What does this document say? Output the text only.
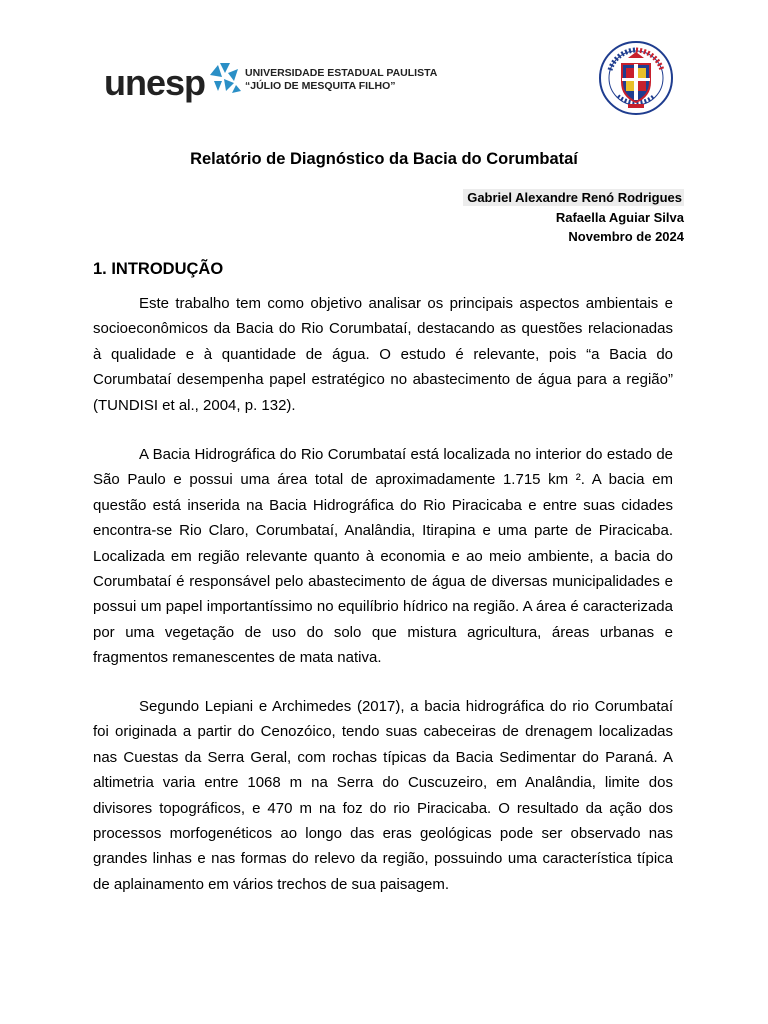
unesp	UNIVERSIDADE ESTADUAL PAULISTA
“JÚLIO DE MESQUITA FILHO”
Relatório de Diagnóstico da Bacia do Corumbataí
Gabriel Alexandre Renó Rodrigues
Rafaella Aguiar Silva
Novembro de 2024
1. INTRODUÇÃO

Este trabalho tem como objetivo analisar os principais aspectos ambientais e socioeconômicos da Bacia do Rio Corumbataí, destacando as questões relacionadas à qualidade e à quantidade de água. O estudo é relevante, pois “a Bacia do Corumbataí desempenha papel estratégico no abastecimento de água para a região” (TUNDISI et al., 2004, p. 132).

A Bacia Hidrográfica do Rio Corumbataí está localizada no interior do estado de São Paulo e possui uma área total de aproximadamente 1.715 km ². A bacia em questão está inserida na Bacia Hidrográfica do Rio Piracicaba e entre suas cidades encontra-se Rio Claro, Corumbataí, Analândia, Itirapina e uma parte de Piracicaba. Localizada em região relevante quanto à economia e ao meio ambiente, a bacia do Corumbataí é responsável pelo abastecimento de água de diversas municipalidades e possui um papel importantíssimo no equilíbrio hídrico na região. A área é caracterizada por uma vegetação de uso do solo que mistura agricultura, áreas urbanas e fragmentos remanescentes de mata nativa.

Segundo Lepiani e Archimedes (2017), a bacia hidrográfica do rio Corumbataí foi originada a partir do Cenozóico, tendo suas cabeceiras de drenagem localizadas nas Cuestas da Serra Geral, com rochas típicas da Bacia Sedimentar do Paraná. A altimetria varia entre 1068 m na Serra do Cuscuzeiro, em Analândia, limite dos divisores topográficos, e 470 m na foz do rio Piracicaba. O resultado da ação dos processos morfogenéticos ao longo das eras geológicas pode ser observado nas grandes linhas e nas formas do relevo da região, possuindo uma característica típica de aplainamento em vários trechos de sua paisagem.
